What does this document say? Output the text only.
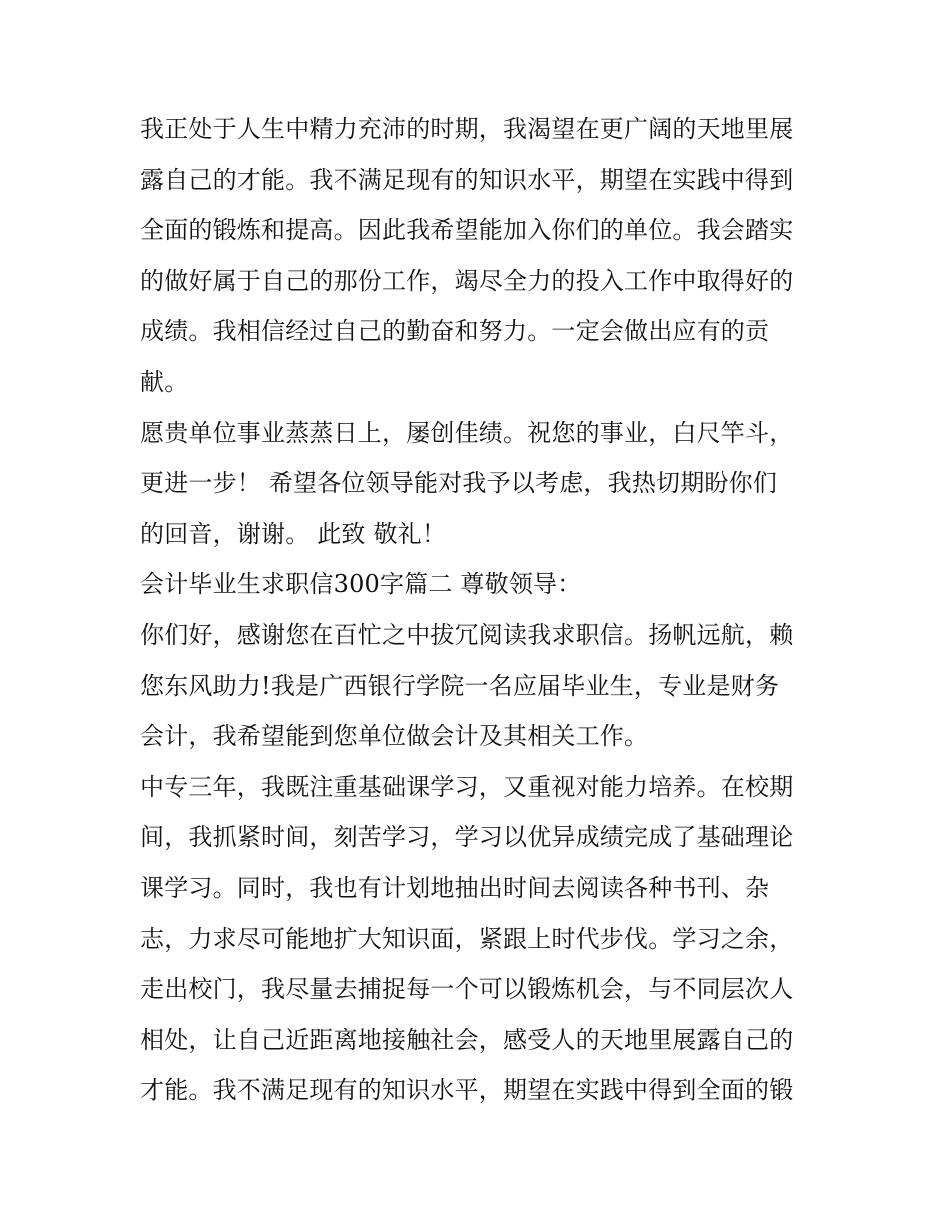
我正处于人生中精力充沛的时期，我渴望在更广阔的天地里展
露自己的才能。我不满足现有的知识水平，期望在实践中得到
全面的锻炼和提高。因此我希望能加入你们的单位。我会踏实
的做好属于自己的那份工作，竭尽全力的投入工作中取得好的
成绩。我相信经过自己的勤奋和努力。一定会做出应有的贡
献。
愿贵单位事业蒸蒸日上，屡创佳绩。祝您的事业，白尺竿斗，
更进一步！ 希望各位领导能对我予以考虑，我热切期盼你们
的回音，谢谢。 此致 敬礼！
会计毕业生求职信300字篇二 尊敬领导：
你们好，感谢您在百忙之中拔冗阅读我求职信。扬帆远航，赖
您东风助力!我是广西银行学院一名应届毕业生，专业是财务
会计，我希望能到您单位做会计及其相关工作。
中专三年，我既注重基础课学习，又重视对能力培养。在校期
间，我抓紧时间，刻苦学习，学习以优异成绩完成了基础理论
课学习。同时，我也有计划地抽出时间去阅读各种书刊、杂
志，力求尽可能地扩大知识面，紧跟上时代步伐。学习之余，
走出校门，我尽量去捕捉每一个可以锻炼机会，与不同层次人
相处，让自己近距离地接触社会，感受人的天地里展露自己的
才能。我不满足现有的知识水平，期望在实践中得到全面的锻
